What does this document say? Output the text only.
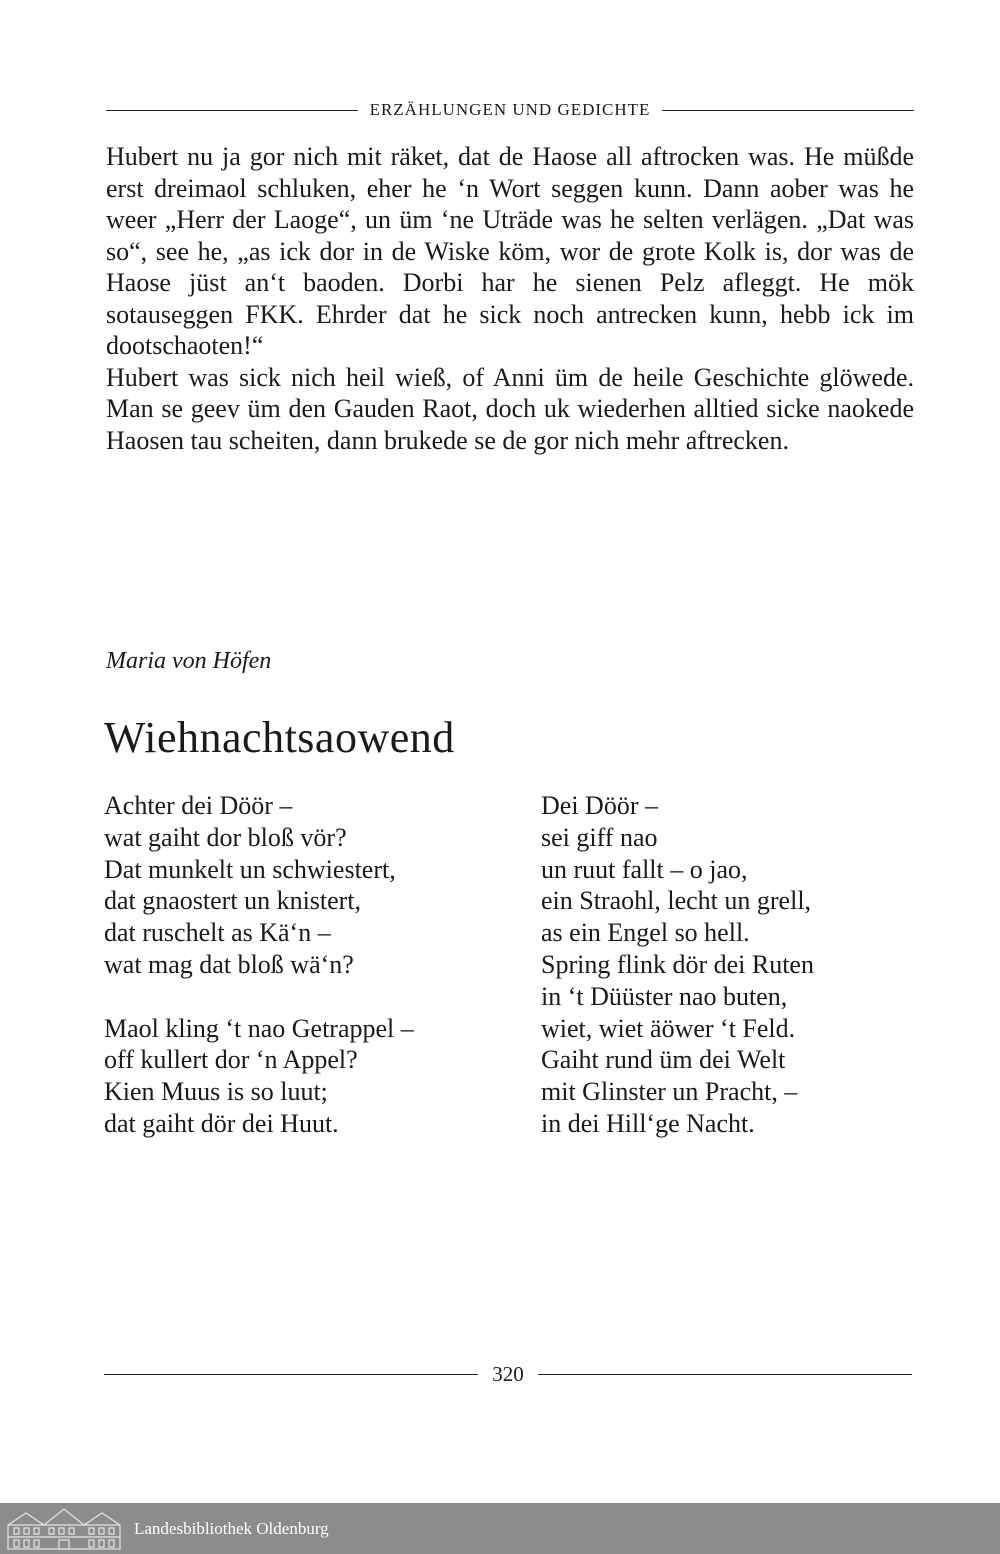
ERZÄHLUNGEN UND GEDICHTE

Hubert nu ja gor nich mit räket, dat de Haose all aftrocken was. He müßde erst dreimaol schluken, eher he ‘n Wort seggen kunn. Dann aober was he weer „Herr der Laoge“, un üm ‘ne Uträde was he selten verlägen. „Dat was so“, see he, „as ick dor in de Wiske köm, wor de grote Kolk is, dor was de Haose jüst an‘t baoden. Dorbi har he sienen Pelz aflеggt. He mök sotauseggen FKK. Ehrder dat he sick noch antrecken kunn, hebb ick im dootschaoten!“

Hubert was sick nich heil wieß, of Anni üm de heile Geschichte glöwede. Man se geev üm den Gauden Raot, doch uk wiederhen alltied sicke naokede Haosen tau scheiten, dann brukede se de gor nich mehr aftrecken.

Maria von Höfen
Wiehnachtsaowend
Achter dei Döör –
wat gaiht dor bloß vör?
Dat munkelt un schwiestert,
dat gnaostert un knistert,
dat ruschelt as Kä‘n –
wat mag dat bloß wä‘n?
Maol kling ‘t nao Getrappel –
off kullert dor ‘n Appel?
Kien Muus is so luut;
dat gaiht dör dei Huut.
Dei Döör –
sei giff nao
un ruut fallt – o jao,
ein Straohl, lecht un grell,
as ein Engel so hell.
Spring flink dör dei Ruten
in ‘t Düüster nao buten,
wiet, wiet äöwer ‘t Feld.
Gaiht rund üm dei Welt
mit Glinster un Pracht, –
in dei Hill‘ge Nacht.
320
Landesbibliothek Oldenburg
